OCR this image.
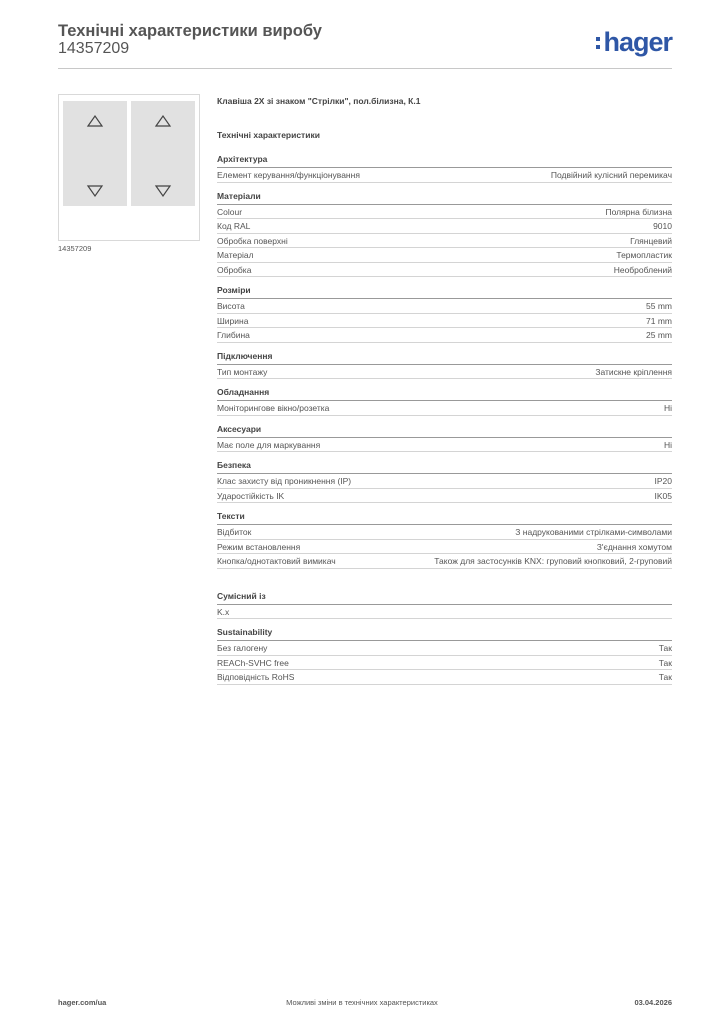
Технічні характеристики виробу
14357209	hager
14357209
Клавіша 2X зі знаком "Стрілки", пол.білизна, К.1
Технічні характеристики
Архітектура
Елемент керування/функціонування	Подвійний кулісний перемикач
Матеріали
Colour	Полярна білизна
Код RAL	9010
Обробка поверхні	Глянцевий
Матеріал	Термопластик
Обробка	Необроблений
Розміри
Висота	55 mm
Ширина	71 mm
Глибина	25 mm
Підключення
Тип монтажу	Затискне кріплення
Обладнання
Моніторингове вікно/розетка	Ні
Аксесуари
Має поле для маркування	Ні
Безпека
Клас захисту від проникнення (IP)	IP20
Ударостійкість IK	IK05
Тексти
Відбиток	З надрукованими стрілками-символами
Режим встановлення	З'єднання хомутом
Кнопка/однотактовий вимикач	Також для застосунків KNX: груповий кнопковий, 2-груповий
Сумісний із
K.x
Sustainability
Без галогену	Так
REACh-SVHC free	Так
Відповідність RoHS	Так
hager.com/ua	Можливі зміни в технічних характеристиках	03.04.2026
